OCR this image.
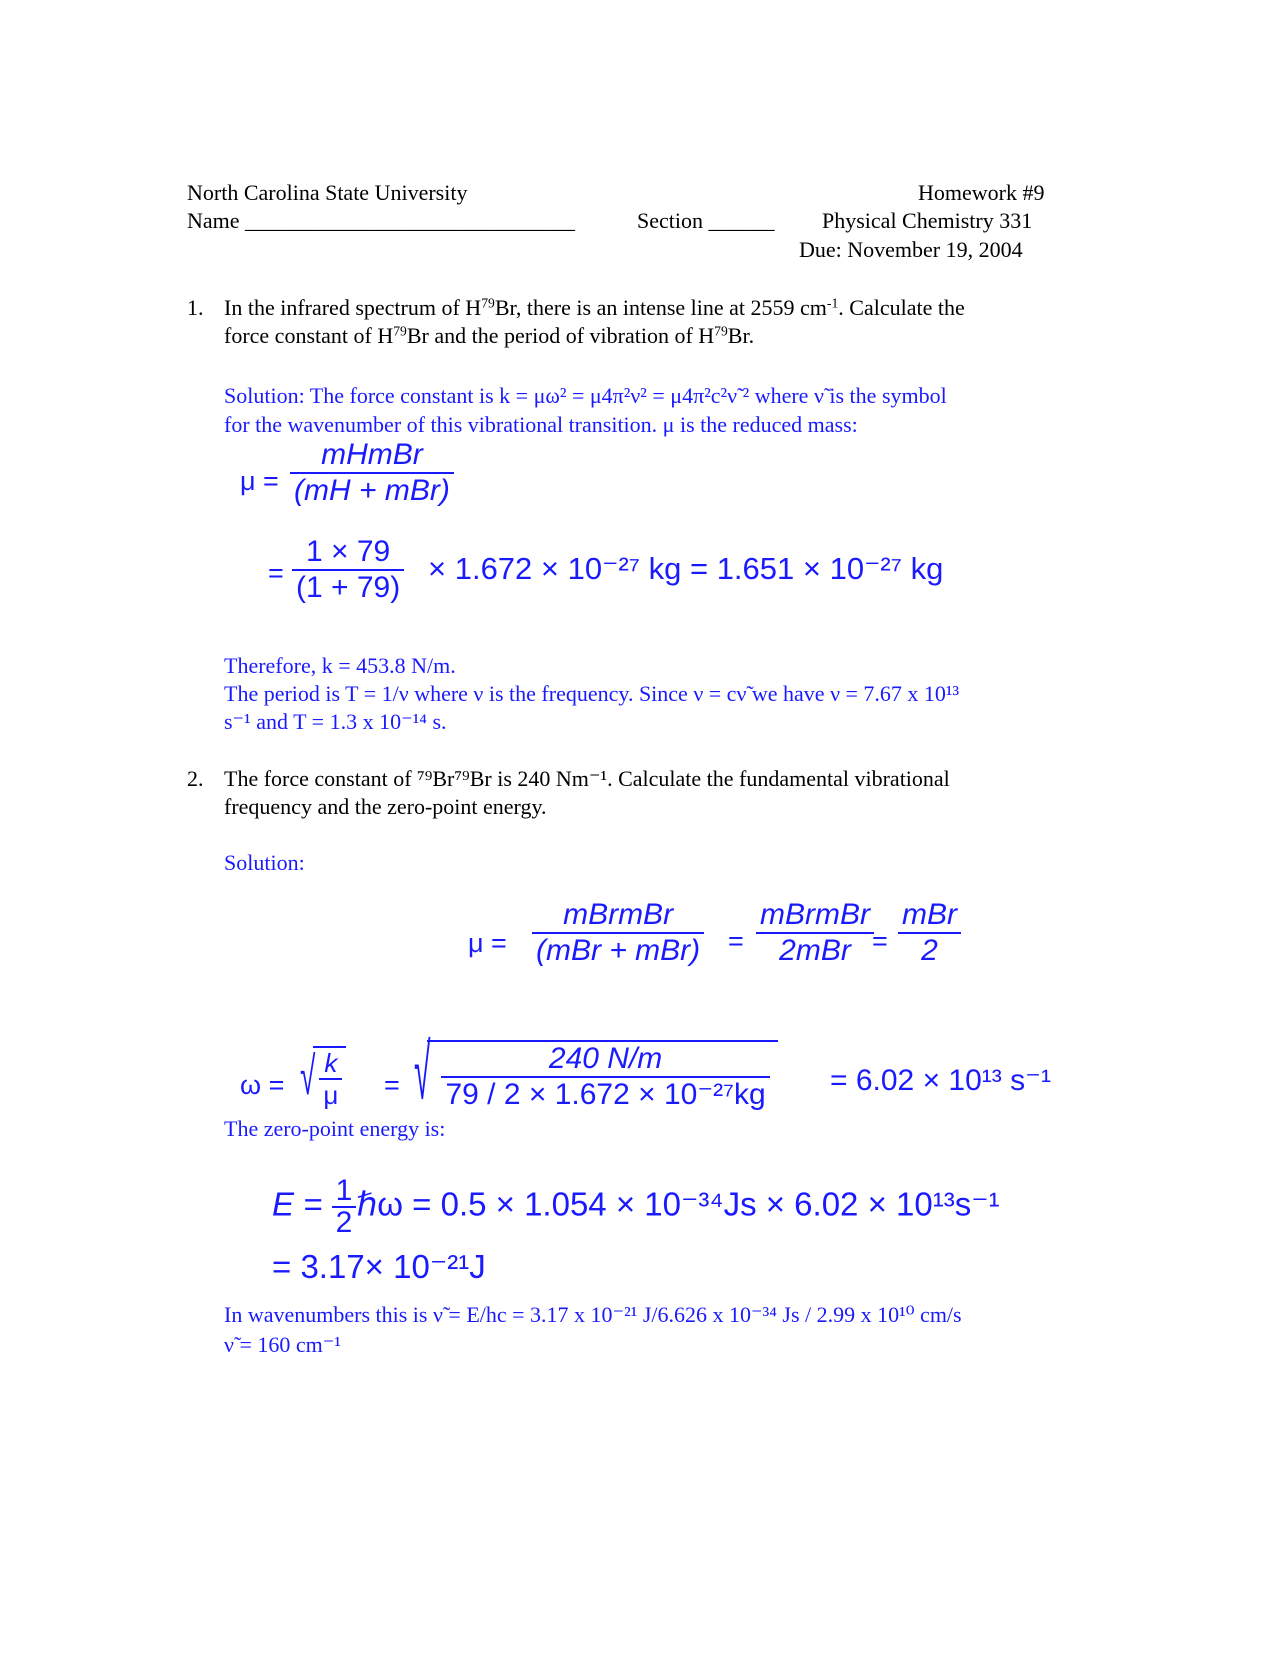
North Carolina State University	Homework #9
Name ______________________________	Section ______ Physical Chemistry 331
Due: November 19, 2004
1. In the infrared spectrum of $H^{79}Br$, there is an intense line at 2559 $cm^{-1}$. Calculate the
force constant of $H^{79}Br$ and the period of vibration of $H^{79}Br$.
Solution: The force constant is k = μω² = μ4π²ν² = μ4π²c²ν̃ ² where ν̃ is the symbol
for the wavenumber of this vibrational transition. μ is the reduced mass:
$\mu = \frac{\text{mHmBr}}{\text{(mH + mBr)}}$
= $\frac{1 \times 79}{(1 + 79)} \times 1.672 \times 10^{-27}$ kg = 1.651 × 10⁻²⁷ kg
Therefore, k = 453.8 N/m.
The period is T = 1/ν where ν is the frequency. Since ν = cν̃ we have ν = 7.67 x 10¹³
s⁻¹ and T = 1.3 x 10⁻¹⁴ s.
2. The force constant of ⁷⁹Br⁷⁹Br is 240 Nm⁻¹. Calculate the fundamental vibrational
frequency and the zero-point energy.
Solution:
$\mu = \frac{\text{mBrmBr}}{\text{(mBr + mBr)}} = \frac{\text{mBrmBr}}{\text{2mBr}}$
= $\frac{\text{mBr}}{2}$
ω = √ $\frac{k}{\mu}$ = √ $\frac{240 N/m}{\text{79 / 2 × 1.672 × 10⁻²⁷kg}} = 6.02 \times 10^{13}$ s⁻¹
The zero-point energy is:
$E = \frac{1}{2}$ ℏω = 0.5 × 1.054 × 10⁻³⁴Js × 6.02 × 10¹³s⁻¹
= 3.17× 10⁻²¹J
In wavenumbers this is ν̃ = E/hc = 3.17 x 10⁻²¹ J/6.626 x 10⁻³⁴ Js / 2.99 x 10¹⁰ cm/s
ν̃ = 160 cm⁻¹
